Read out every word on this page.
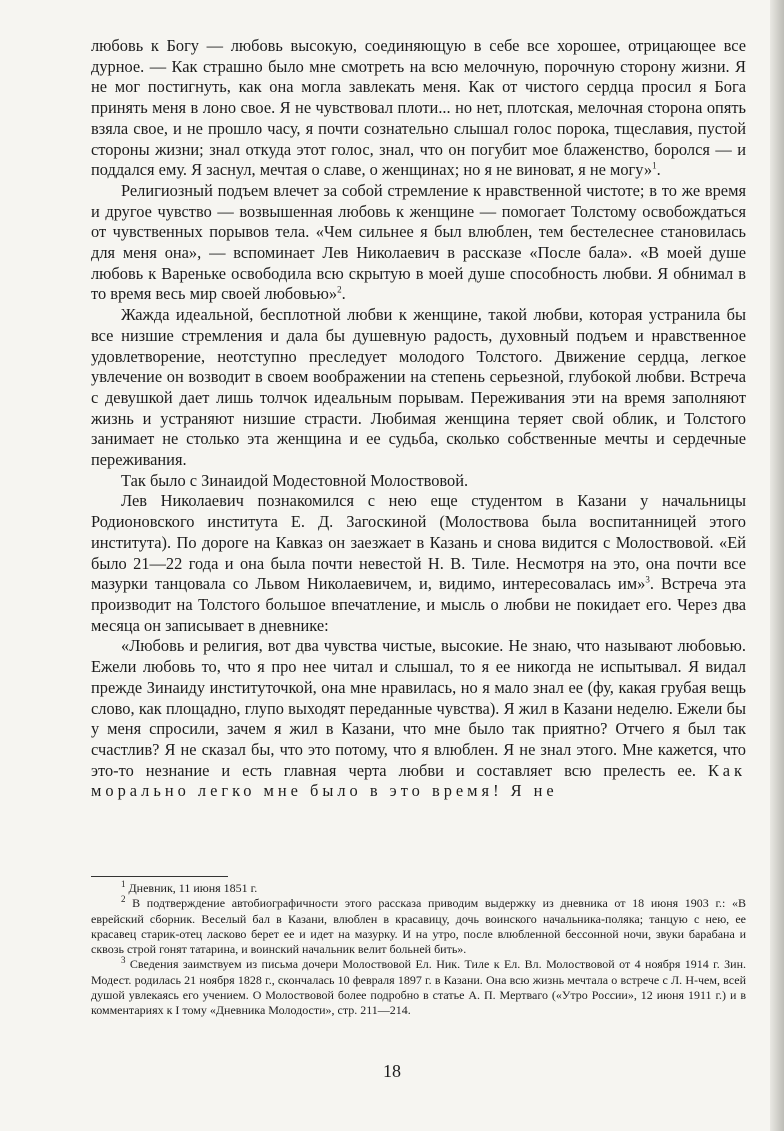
любовь к Богу — любовь высокую, соединяющую в себе все хорошее, отрицающее все дурное. — Как страшно было мне смотреть на всю мелочную, порочную сторону жизни. Я не мог постигнуть, как она могла завлекать меня. Как от чистого сердца просил я Бога принять меня в лоно свое. Я не чувствовал плоти... но нет, плотская, мелочная сторона опять взяла свое, и не прошло часу, я почти сознательно слышал голос порока, тщеславия, пустой стороны жизни; знал откуда этот голос, знал, что он погубит мое блаженство, боролся — и поддался ему. Я заснул, мечтая о славе, о женщинах; но я не виноват, я не могу»$^1$.

Религиозный подъем влечет за собой стремление к нравственной чистоте; в то же время и другое чувство — возвышенная любовь к женщине — помогает Толстому освобождаться от чувственных порывов тела. «Чем сильнее я был влюблен, тем бестелеснее становилась для меня она», — вспоминает Лев Николаевич в рассказе «После бала». «В моей душе любовь к Вареньке освободила всю скрытую в моей душе способность любви. Я обнимал в то время весь мир своей любовью»$^2$.

Жажда идеальной, бесплотной любви к женщине, такой любви, которая устранила бы все низшие стремления и дала бы душевную радость, духовный подъем и нравственное удовлетворение, неотступно преследует молодого Толстого. Движение сердца, легкое увлечение он возводит в своем воображении на степень серьезной, глубокой любви. Встреча с девушкой дает лишь толчок идеальным порывам. Переживания эти на время заполняют жизнь и устраняют низшие страсти. Любимая женщина теряет свой облик, и Толстого занимает не столько эта женщина и ее судьба, сколько собственные мечты и сердечные переживания.

Так было с Зинаидой Модестовной Молоствовой.

Лев Николаевич познакомился с нею еще студентом в Казани у начальницы Родионовского института Е. Д. Загоскиной (Молоствова была воспитанницей этого института). По дороге на Кавказ он заезжает в Казань и снова видится с Молоствовой. «Ей было 21—22 года и она была почти невестой Н. В. Тиле. Несмотря на это, она почти все мазурки танцовала со Львом Николаевичем, и, видимо, интересовалась им»$^3$. Встреча эта производит на Толстого большое впечатление, и мысль о любви не покидает его. Через два месяца он записывает в дневнике:

«Любовь и религия, вот два чувства чистые, высокие. Не знаю, что называют любовью. Ежели любовь то, что я про нее читал и слышал, то я ее никогда не испытывал. Я видал прежде Зинаиду институточкой, она мне нравилась, но я мало знал ее (фу, какая грубая вещь слово, как площадно, глупо выходят переданные чувства). Я жил в Казани неделю. Ежели бы у меня спросили, зачем я жил в Казани, что мне было так приятно? Отчего я был так счастлив? Я не сказал бы, что это потому, что я влюблен. Я не знал этого. Мне кажется, что это-то незнание и есть главная черта любви и составляет всю прелесть ее. Как морально легко мне было в это время! Я не

$^1$ Дневник, 11 июня 1851 г.

$^2$ В подтверждение автобиографичности этого рассказа приводим выдержку из дневника от 18 июня 1903 г.: «В еврейский сборник. Веселый бал в Казани, влюблен в красавицу, дочь воинского начальника-поляка; танцую с нею, ее красавец старик-отец ласково берет ее и идет на мазурку. И на утро, после влюбленной бессонной ночи, звуки барабана и сквозь строй гонят татарина, и воинский начальник велит больней бить».

$^3$ Сведения заимствуем из письма дочери Молоствовой Ел. Ник. Тиле к Ел. Вл. Молоствовой от 4 ноября 1914 г. Зин. Модест. родилась 21 ноября 1828 г., скончалась 10 февраля 1897 г. в Казани. Она всю жизнь мечтала о встрече с Л. Н-чем, всей душой увлекаясь его учением. О Молоствовой более подробно в статье А. П. Мертваго («Утро России», 12 июня 1911 г.) и в комментариях к I тому «Дневника Молодости», стр. 211—214.

18
